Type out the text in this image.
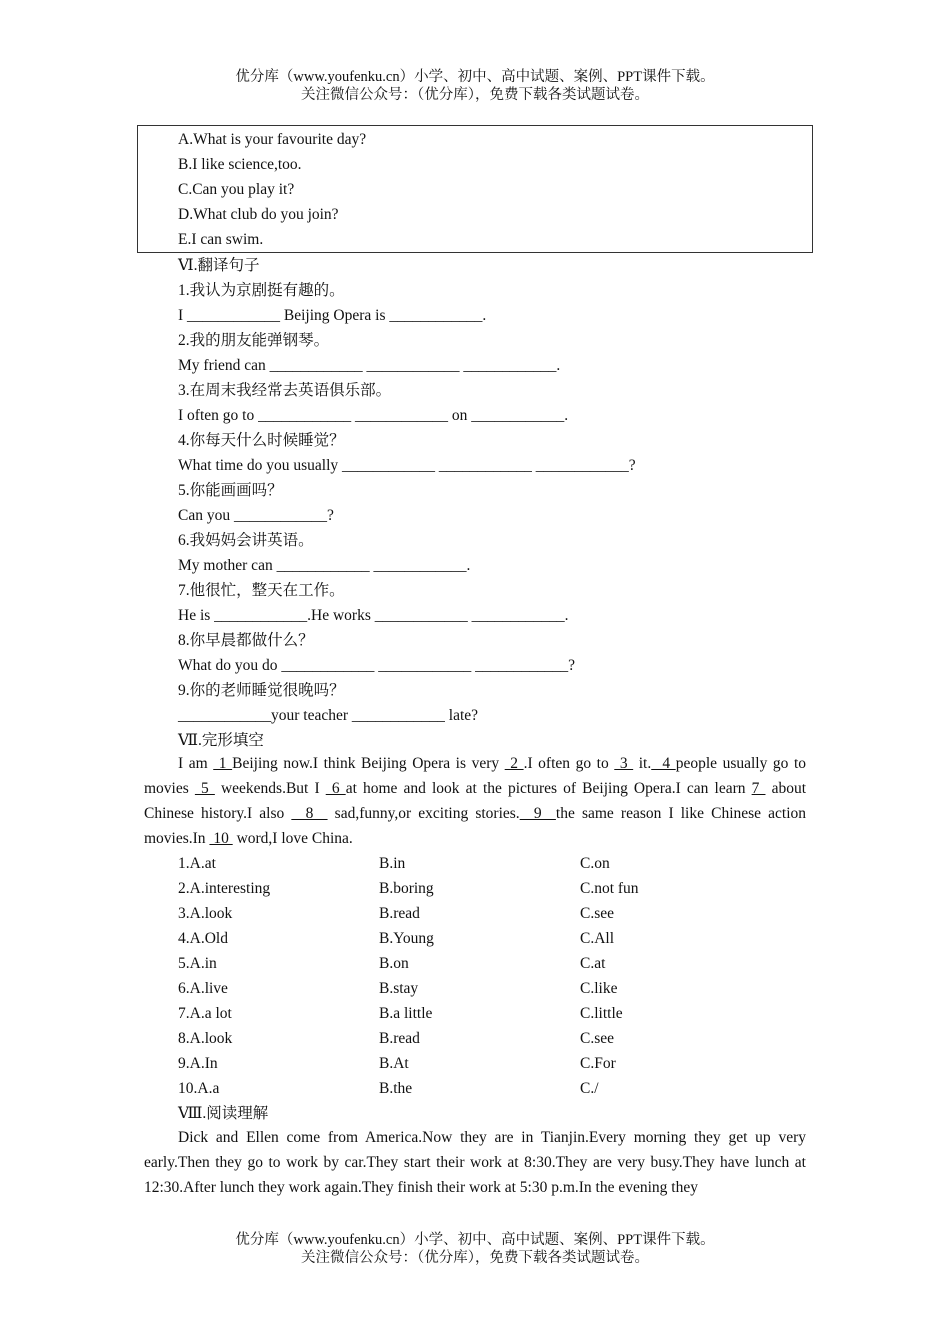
优分库（www.youfenku.cn）小学、初中、高中试题、案例、PPT课件下载。
关注微信公众号：（优分库），免费下载各类试题试卷。
A.What is your favourite day?
B.I like science,too.
C.Can you play it?
D.What club do you join?
E.I can swim.
Ⅵ.翻译句子
1.我认为京剧挺有趣的。
I ____________ Beijing Opera is ____________.
2.我的朋友能弹钢琴。
My friend can ____________ ____________ ____________.
3.在周末我经常去英语俱乐部。
I often go to ____________ ____________ on ____________.
4.你每天什么时候睡觉？
What time do you usually ____________ ____________ ____________?
5.你能画画吗？
Can you ____________?
6.我妈妈会讲英语。
My mother can ____________ ____________.
7.他很忙，整天在工作。
He is ____________.He works ____________ ____________.
8.你早晨都做什么？
What do you do ____________ ____________ ____________?
9.你的老师睡觉很晚吗？
____________your teacher ____________ late?
Ⅶ.完形填空
I am  1 Beijing now.I think Beijing Opera is very  2 .I often go to  3  it.  4 people usually go to movies  5  weekends.But I  6 at home and look at the pictures of Beijing Opera.I can learn 7  about Chinese history.I also   8   sad,funny,or exciting stories.  9  the same reason I like Chinese action movies.In  10  word,I love China.
1.A.at	B.in	C.on
2.A.interesting	B.boring	C.not fun
3.A.look	B.read	C.see
4.A.Old	B.Young	C.All
5.A.in	B.on	C.at
6.A.live	B.stay	C.like
7.A.a lot	B.a little	C.little
8.A.look	B.read	C.see
9.A.In	B.At	C.For
10.A.a	B.the	C./
Ⅷ.阅读理解
Dick and Ellen come from America.Now they are in Tianjin.Every morning they get up very early.Then they go to work by car.They start their work at 8:30.They are very busy.They have lunch at 12:30.After lunch they work again.They finish their work at 5:30 p.m.In the evening they
优分库（www.youfenku.cn）小学、初中、高中试题、案例、PPT课件下载。
关注微信公众号：（优分库），免费下载各类试题试卷。
